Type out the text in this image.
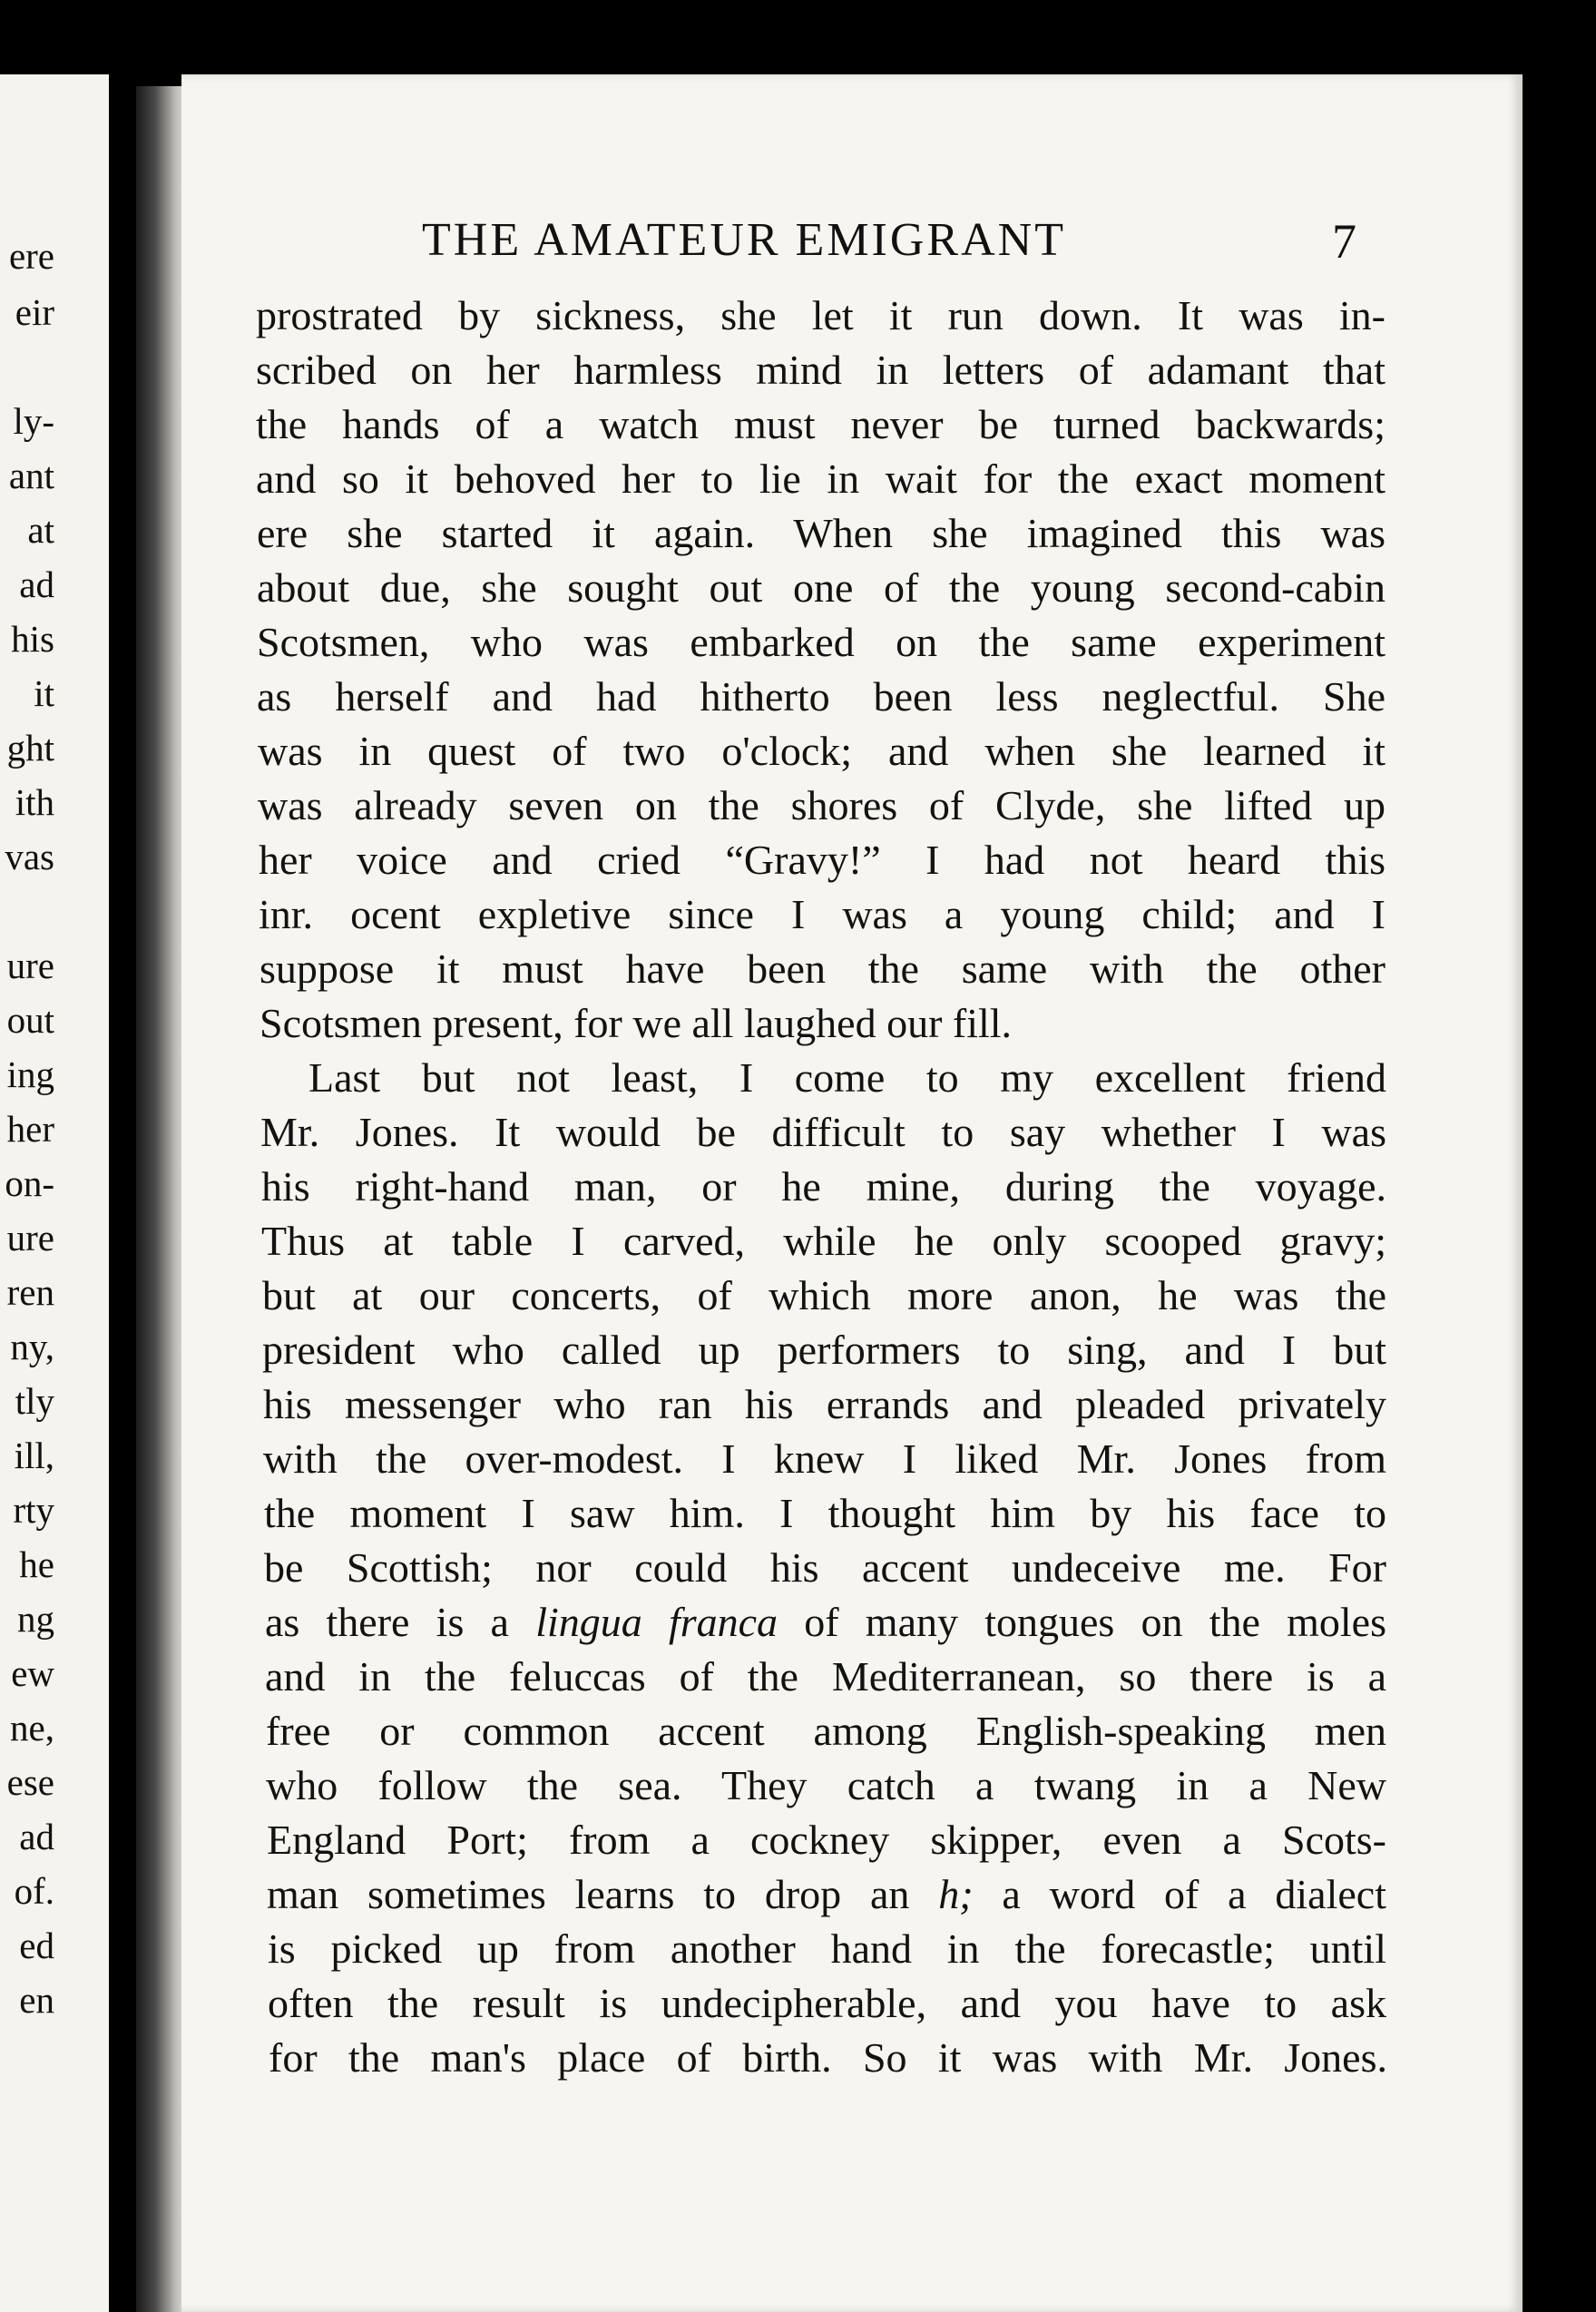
ere
eir
ly-
ant
at
ad
his
it
ght
ith
vas
ure
out
ing
her
on-
ure
ren
ny,
tly
ill,
rty
he
ng
ew
ne,
ese
ad
of.
ed
en
THE AMATEUR EMIGRANT	7
prostrated by sickness, she let it run down. It was in-
scribed on her harmless mind in letters of adamant that
the hands of a watch must never be turned backwards;
and so it behoved her to lie in wait for the exact moment
ere she started it again. When she imagined this was
about due, she sought out one of the young second-cabin
Scotsmen, who was embarked on the same experiment
as herself and had hitherto been less neglectful. She
was in quest of two o'clock; and when she learned it
was already seven on the shores of Clyde, she lifted up
her voice and cried “Gravy!” I had not heard this
inr. ocent expletive since I was a young child; and I
suppose it must have been the same with the other
Scotsmen present, for we all laughed our fill.
Last but not least, I come to my excellent friend
Mr. Jones. It would be difficult to say whether I was
his right-hand man, or he mine, during the voyage.
Thus at table I carved, while he only scooped gravy;
but at our concerts, of which more anon, he was the
president who called up performers to sing, and I but
his messenger who ran his errands and pleaded privately
with the over-modest. I knew I liked Mr. Jones from
the moment I saw him. I thought him by his face to
be Scottish; nor could his accent undeceive me. For
as there is a lingua franca of many tongues on the moles
and in the feluccas of the Mediterranean, so there is a
free or common accent among English-speaking men
who follow the sea. They catch a twang in a New
England Port; from a cockney skipper, even a Scots-
man sometimes learns to drop an h; a word of a dialect
is picked up from another hand in the forecastle; until
often the result is undecipherable, and you have to ask
for the man's place of birth. So it was with Mr. Jones.
